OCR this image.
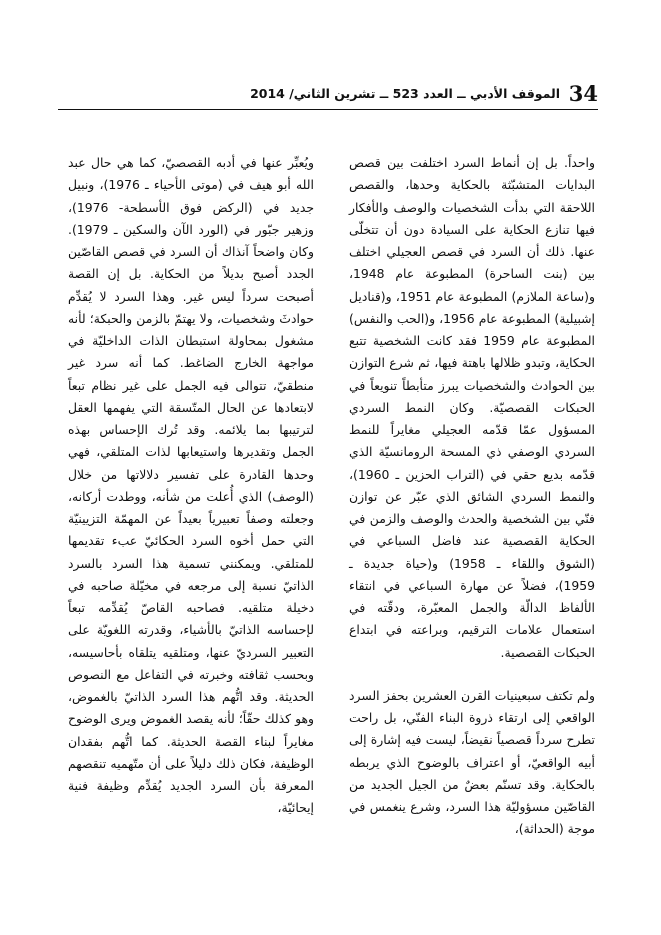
34
الموقف الأدبي ــ العدد 523 ــ تشرين الثاني/ 2014

واحداً. بل إن أنماط السرد اختلفت بين قصص البدايات المتشبّثة بالحكاية وحدها، والقصص اللاحقة التي بدأت الشخصيات والوصف والأفكار فيها تنازع الحكاية على السيادة دون أن تتخلّى عنها. ذلك أن السرد في قصص العجيلي اختلف بين (بنت الساحرة) المطبوعة عام 1948، و(ساعة الملازم) المطبوعة عام 1951، و(قناديل إشبيلية) المطبوعة عام 1956، و(الحب والنفس) المطبوعة عام 1959 فقد كانت الشخصية تتبع الحكاية، وتبدو ظلالها باهتة فيها، ثم شرع التوازن بين الحوادث والشخصيات يبرز متأبطاً تنويعاً في الحبكات القصصيّة. وكان النمط السردي المسؤول عمّا قدّمه العجيلي مغايراً للنمط السردي الوصفي ذي المسحة الرومانسيّة الذي قدّمه بديع حقي في (التراب الحزين ـ 1960)، والنمط السردي الشائق الذي عبّر عن توازن فنّي بين الشخصية والحدث والوصف والزمن في الحكاية القصصية عند فاضل السباعي في (الشوق واللقاء ـ 1958) و(حياة جديدة ـ 1959)، فضلاً عن مهارة السباعي في انتقاء الألفاظ الدالّة والجمل المعبّرة، ودقّته في استعمال علامات الترقيم، وبراعته في ابتداع الحبكات القصصية.

ولم تكتف سبعينيات القرن العشرين بحفز السرد الواقعي إلى ارتقاء ذروة البناء الفنّي، بل راحت تطرح سرداً قصصياً نقيضاً، ليست فيه إشارة إلى أبيه الواقعيّ، أو اعتراف بالوضوح الذي يربطه بالحكاية. وقد تسنّم بعضٌ من الجيل الجديد من القاصّين مسؤوليّة هذا السرد، وشرع ينغمس في موجة (الحداثة)،

ويُعبِّر عنها في أدبه القصصيّ، كما هي حال عبد الله أبو هيف في (موتى الأحياء ـ 1976)، ونبيل جديد في (الركض فوق الأسطحة- 1976)، وزهير جبّور في (الورد الآن والسكين ـ 1979). وكان واضحاً آنذاك أن السرد في قصص القاصّين الجدد أصبح بديلاً من الحكاية. بل إن القصة أصبحت سرداً ليس غير. وهذا السرد لا يُقدِّم حوادثَ وشخصيات، ولا يهتمّ بالزمن والحبكة؛ لأنه مشغول بمحاولة استبطان الذات الداخليّة في مواجهة الخارج الضاغط. كما أنه سرد غير منطقيّ، تتوالى فيه الجمل على غير نظام تبعاً لابتعادها عن الحال المتّسقة التي يفهمها العقل لترتيبها بما يلائمه. وقد تُرك الإحساس بهذه الجمل وتقديرها واستيعابها لذات المتلقي، فهي وحدها القادرة على تفسير دلالاتها من خلال (الوصف) الذي أُعلت من شأنه، ووطدت أركانه، وجعلته وصفاً تعبيرياً بعيداً عن المهمّة التزيينيّة التي حمل أخوه السرد الحكائيّ عبء تقديمها للمتلقي. ويمكنني تسمية هذا السرد بالسرد الذاتيّ نسبة إلى مرجعه في مخيّلة صاحبه في دخيلة متلقيه. فصاحبه القاصّ يُقدِّمه تبعاً لإحساسه الذاتيّ بالأشياء، وقدرته اللغويّة على التعبير السرديّ عنها، ومتلقيه يتلقاه بأحاسيسه، وبحسب ثقافته وخبرته في التفاعل مع النصوص الحديثة. وقد اتُّهم هذا السرد الذاتيّ بالغموض، وهو كذلك حقّاً؛ لأنه يقصد الغموض ويرى الوضوح مغايراً لبناء القصة الحديثة. كما اتُّهم بفقدان الوظيفة، فكان ذلك دليلاً على أن متّهميه تنقصهم المعرفة بأن السرد الجديد يُقدِّم وظيفة فنية إيحائيّة،
